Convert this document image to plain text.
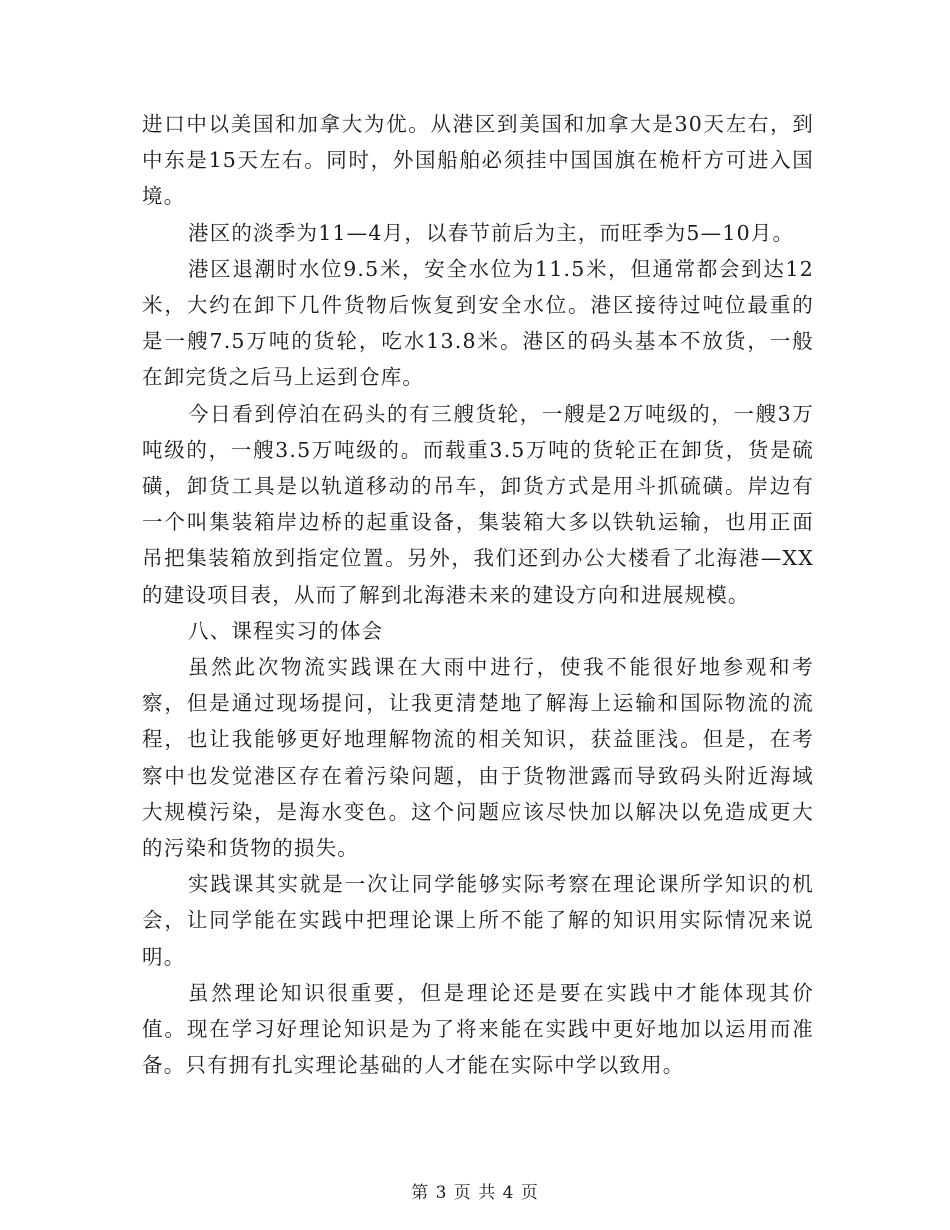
进口中以美国和加拿大为优。从港区到美国和加拿大是30天左右，到中东是15天左右。同时，外国船舶必须挂中国国旗在桅杆方可进入国境。

港区的淡季为11—4月，以春节前后为主，而旺季为5—10月。

港区退潮时水位9.5米，安全水位为11.5米，但通常都会到达12米，大约在卸下几件货物后恢复到安全水位。港区接待过吨位最重的是一艘7.5万吨的货轮，吃水13.8米。港区的码头基本不放货，一般在卸完货之后马上运到仓库。

今日看到停泊在码头的有三艘货轮，一艘是2万吨级的，一艘3万吨级的，一艘3.5万吨级的。而载重3.5万吨的货轮正在卸货，货是硫磺，卸货工具是以轨道移动的吊车，卸货方式是用斗抓硫磺。岸边有一个叫集装箱岸边桥的起重设备，集装箱大多以铁轨运输，也用正面吊把集装箱放到指定位置。另外，我们还到办公大楼看了北海港—XX的建设项目表，从而了解到北海港未来的建设方向和进展规模。

八、课程实习的体会

虽然此次物流实践课在大雨中进行，使我不能很好地参观和考察，但是通过现场提问，让我更清楚地了解海上运输和国际物流的流程，也让我能够更好地理解物流的相关知识，获益匪浅。但是，在考察中也发觉港区存在着污染问题，由于货物泄露而导致码头附近海域大规模污染，是海水变色。这个问题应该尽快加以解决以免造成更大的污染和货物的损失。

实践课其实就是一次让同学能够实际考察在理论课所学知识的机会，让同学能在实践中把理论课上所不能了解的知识用实际情况来说明。

虽然理论知识很重要，但是理论还是要在实践中才能体现其价值。现在学习好理论知识是为了将来能在实践中更好地加以运用而准备。只有拥有扎实理论基础的人才能在实际中学以致用。

第 3 页 共 4 页
